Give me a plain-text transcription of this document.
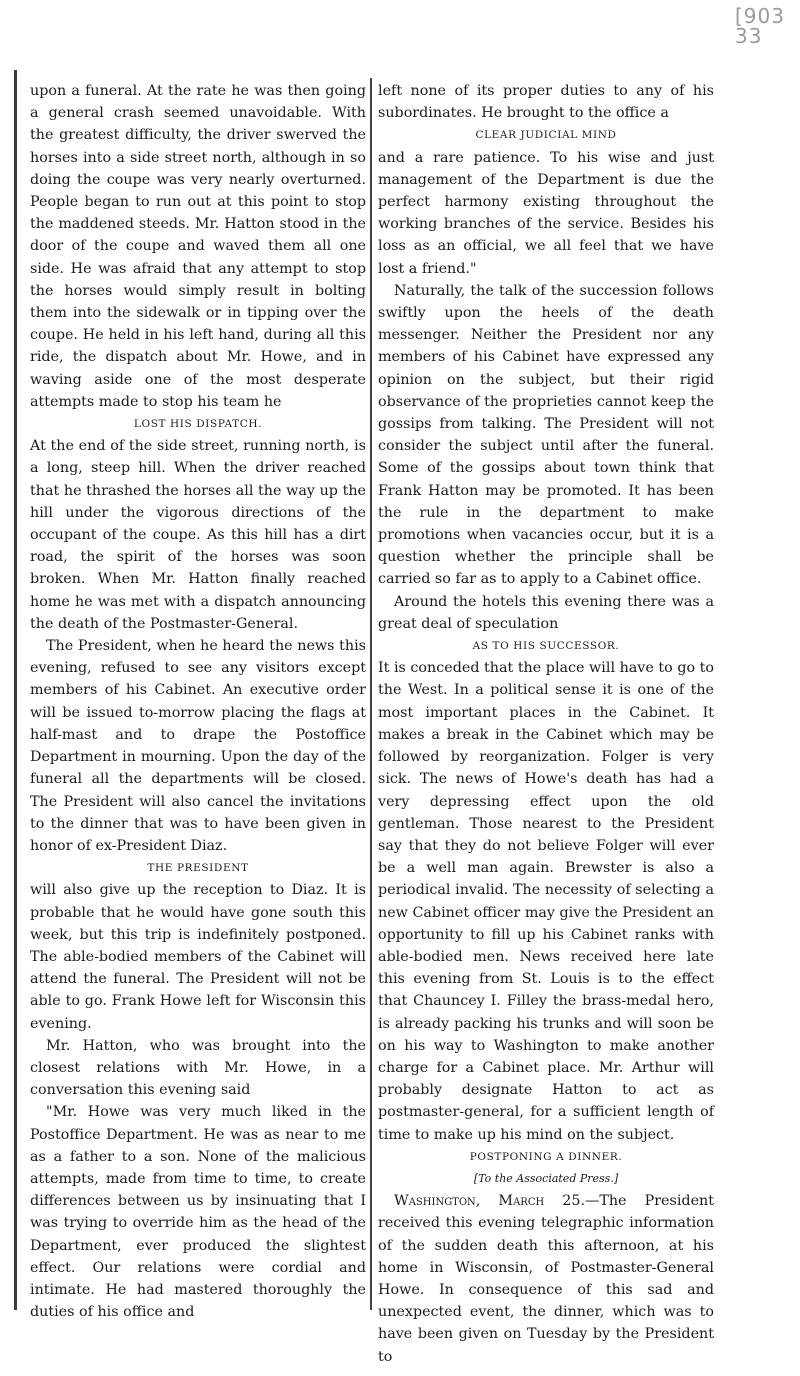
[903
33

upon a funeral. At the rate he was then going a general crash seemed unavoidable. With the greatest difficulty, the driver swerved the horses into a side street north, although in so doing the coupe was very nearly overturned. People began to run out at this point to stop the maddened steeds. Mr. Hatton stood in the door of the coupe and waved them all one side. He was afraid that any attempt to stop the horses would simply result in bolting them into the sidewalk or in tipping over the coupe. He held in his left hand, during all this ride, the dispatch about Mr. Howe, and in waving aside one of the most desperate attempts made to stop his team he

LOST HIS DISPATCH.

At the end of the side street, running north, is a long, steep hill. When the driver reached that he thrashed the horses all the way up the hill under the vigorous directions of the occupant of the coupe. As this hill has a dirt road, the spirit of the horses was soon broken. When Mr. Hatton finally reached home he was met with a dispatch announcing the death of the Postmaster-General.

The President, when he heard the news this evening, refused to see any visitors except members of his Cabinet. An executive order will be issued to-morrow placing the flags at half-mast and to drape the Postoffice Department in mourning. Upon the day of the funeral all the departments will be closed. The President will also cancel the invitations to the dinner that was to have been given in honor of ex-President Diaz.

THE PRESIDENT

will also give up the reception to Diaz. It is probable that he would have gone south this week, but this trip is indefinitely postponed. The able-bodied members of the Cabinet will attend the funeral. The President will not be able to go. Frank Howe left for Wisconsin this evening.

Mr. Hatton, who was brought into the closest relations with Mr. Howe, in a conversation this evening said

"Mr. Howe was very much liked in the Postoffice Department. He was as near to me as a father to a son. None of the malicious attempts, made from time to time, to create differences between us by insinuating that I was trying to override him as the head of the Department, ever produced the slightest effect. Our relations were cordial and intimate. He had mastered thoroughly the duties of his office and

left none of its proper duties to any of his subordinates. He brought to the office a

CLEAR JUDICIAL MIND

and a rare patience. To his wise and just management of the Department is due the perfect harmony existing throughout the working branches of the service. Besides his loss as an official, we all feel that we have lost a friend."

Naturally, the talk of the succession follows swiftly upon the heels of the death messenger. Neither the President nor any members of his Cabinet have expressed any opinion on the subject, but their rigid observance of the proprieties cannot keep the gossips from talking. The President will not consider the subject until after the funeral. Some of the gossips about town think that Frank Hatton may be promoted. It has been the rule in the department to make promotions when vacancies occur, but it is a question whether the principle shall be carried so far as to apply to a Cabinet office.

Around the hotels this evening there was a great deal of speculation

AS TO HIS SUCCESSOR.

It is conceded that the place will have to go to the West. In a political sense it is one of the most important places in the Cabinet. It makes a break in the Cabinet which may be followed by reorganization. Folger is very sick. The news of Howe's death has had a very depressing effect upon the old gentleman. Those nearest to the President say that they do not believe Folger will ever be a well man again. Brewster is also a periodical invalid. The necessity of selecting a new Cabinet officer may give the President an opportunity to fill up his Cabinet ranks with able-bodied men. News received here late this evening from St. Louis is to the effect that Chauncey I. Filley the brass-medal hero, is already packing his trunks and will soon be on his way to Washington to make another charge for a Cabinet place. Mr. Arthur will probably designate Hatton to act as postmaster-general, for a sufficient length of time to make up his mind on the subject.

POSTPONING A DINNER.

[To the Associated Press.]

Washington, March 25.—The President received this evening telegraphic information of the sudden death this afternoon, at his home in Wisconsin, of Postmaster-General Howe. In consequence of this sad and unexpected event, the dinner, which was to have been given on Tuesday by the President to
